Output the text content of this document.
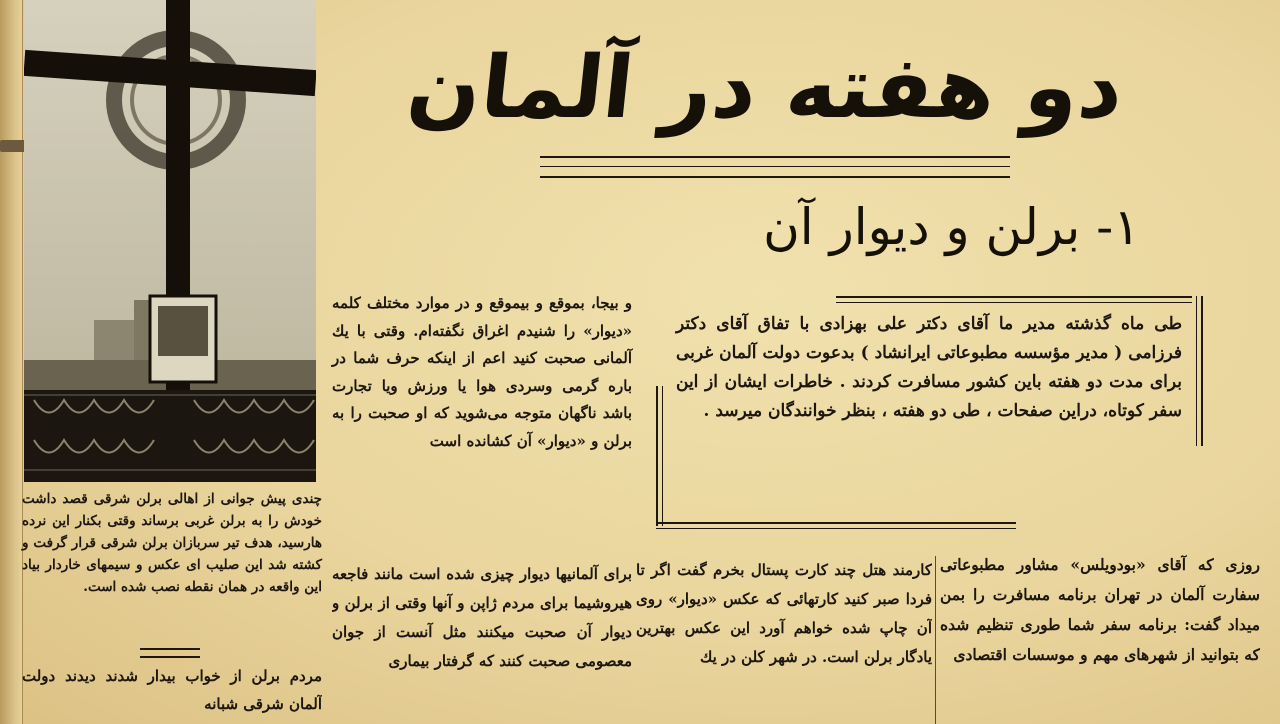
دو هفته در آلمان
۱- برلن و دیوار آن
چندی پیش جوانی از اهالی برلن شرقی قصد داشت خودش را به برلن غربی برساند وقتی بکنار این نرده هارسید، هدف تیر سربازان برلن شرقی قرار گرفت و کشته شد این صلیب ای عکس و سیمهای خاردار بیاد این واقعه در همان نقطه نصب شده است.
مردم برلن از خواب بیدار شدند دیدند دولت آلمان شرقی شبانه
و بیجا، بموقع و بیموقع و در موارد مختلف کلمه «دیوار» را شنیدم اغراق نگفته‌ام. وقتی با یك آلمانی صحبت کنید اعم از اینکه حرف شما در باره گرمی وسردی هوا یا ورزش ویا تجارت باشد ناگهان متوجه می‌شوید که او صحبت را به برلن و «دیوار» آن کشانده است
برای آلمانیها دیوار چیزی شده است مانند فاجعه هیروشیما برای مردم ژاپن و آنها وقتی از برلن و دیوار آن صحبت میکنند مثل آنست از جوان معصومی صحبت کنند که گرفتار بیماری
طی ماه گذشته مدیر ما آقای دکتر علی بهزادی با تفاق آقای دکتر فرزامی ( مدیر مؤسسه مطبوعاتی ایرانشاد ) بدعوت دولت آلمان غربی برای مدت دو هفته باین کشور مسافرت کردند . خاطرات ایشان از این سفر کوتاه، دراین صفحات ، طی دو هفته ، بنظر خوانندگان میرسد .
کارمند هتل چند کارت پستال بخرم گفت اگر تا فردا صبر کنید کارتهائی که عکس «دیوار» روی آن چاپ شده خواهم آورد این عکس بهترین یادگار برلن است. در شهر کلن در یك
روزی که آقای «بودویلس» مشاور مطبوعاتی سفارت آلمان در تهران برنامه مسافرت را بمن میداد گفت: برنامه سفر شما طوری تنظیم شده که بتوانید از شهرهای مهم و موسسات اقتصادی
